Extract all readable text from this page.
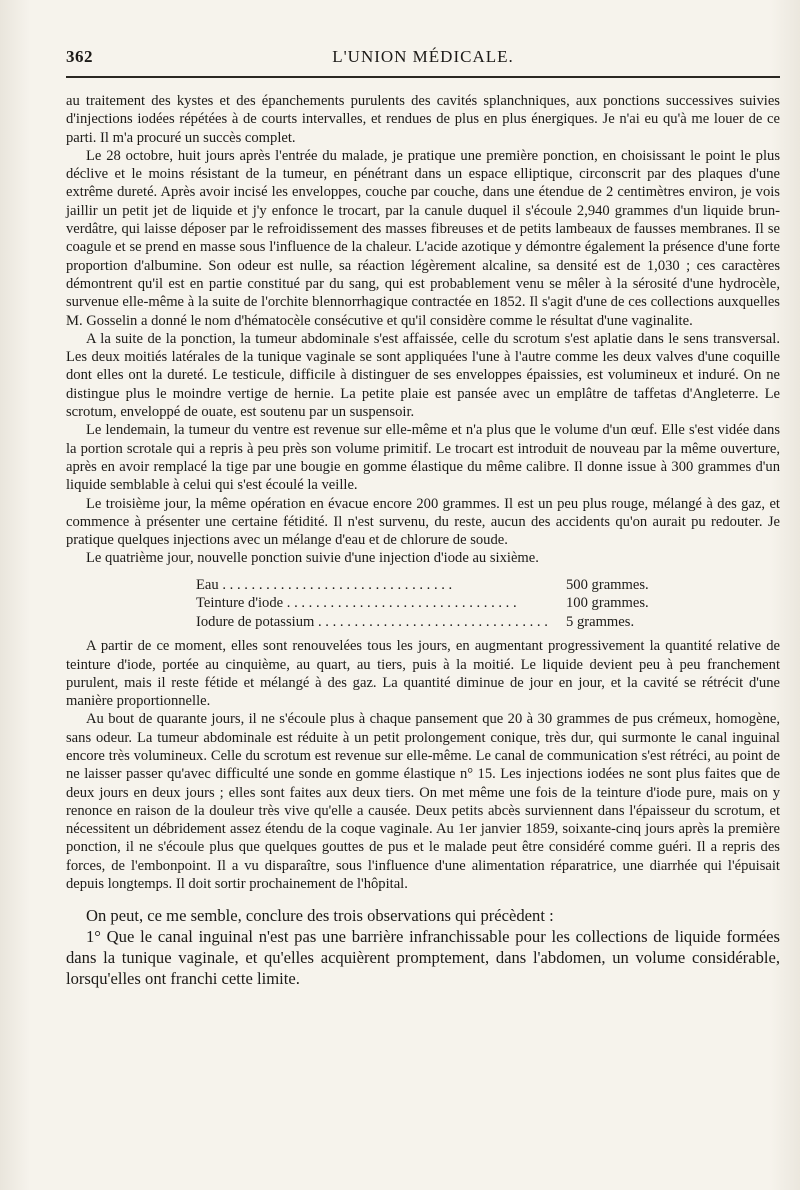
362	L'UNION MÉDICALE.

au traitement des kystes et des épanchements purulents des cavités splanchniques, aux ponctions successives suivies d'injections iodées répétées à de courts intervalles, et rendues de plus en plus énergiques. Je n'ai eu qu'à me louer de ce parti. Il m'a procuré un succès complet.

Le 28 octobre, huit jours après l'entrée du malade, je pratique une première ponction, en choisissant le point le plus déclive et le moins résistant de la tumeur, en pénétrant dans un espace elliptique, circonscrit par des plaques d'une extrême dureté. Après avoir incisé les enveloppes, couche par couche, dans une étendue de 2 centimètres environ, je vois jaillir un petit jet de liquide et j'y enfonce le trocart, par la canule duquel il s'écoule 2,940 grammes d'un liquide brun-verdâtre, qui laisse déposer par le refroidissement des masses fibreuses et de petits lambeaux de fausses membranes. Il se coagule et se prend en masse sous l'influence de la chaleur. L'acide azotique y démontre également la présence d'une forte proportion d'albumine. Son odeur est nulle, sa réaction légèrement alcaline, sa densité est de 1,030 ; ces caractères démontrent qu'il est en partie constitué par du sang, qui est probablement venu se mêler à la sérosité d'une hydrocèle, survenue elle-même à la suite de l'orchite blennorrhagique contractée en 1852. Il s'agit d'une de ces collections auxquelles M. Gosselin a donné le nom d'hématocèle consécutive et qu'il considère comme le résultat d'une vaginalite.

A la suite de la ponction, la tumeur abdominale s'est affaissée, celle du scrotum s'est aplatie dans le sens transversal. Les deux moitiés latérales de la tunique vaginale se sont appliquées l'une à l'autre comme les deux valves d'une coquille dont elles ont la dureté. Le testicule, difficile à distinguer de ses enveloppes épaissies, est volumineux et induré. On ne distingue plus le moindre vertige de hernie. La petite plaie est pansée avec un emplâtre de taffetas d'Angleterre. Le scrotum, enveloppé de ouate, est soutenu par un suspensoir.

Le lendemain, la tumeur du ventre est revenue sur elle-même et n'a plus que le volume d'un œuf. Elle s'est vidée dans la portion scrotale qui a repris à peu près son volume primitif. Le trocart est introduit de nouveau par la même ouverture, après en avoir remplacé la tige par une bougie en gomme élastique du même calibre. Il donne issue à 300 grammes d'un liquide semblable à celui qui s'est écoulé la veille.

Le troisième jour, la même opération en évacue encore 200 grammes. Il est un peu plus rouge, mélangé à des gaz, et commence à présenter une certaine fétidité. Il n'est survenu, du reste, aucun des accidents qu'on aurait pu redouter. Je pratique quelques injections avec un mélange d'eau et de chlorure de soude.

Le quatrième jour, nouvelle ponction suivie d'une injection d'iode au sixième.

Eau . . .	500 grammes.
Teinture d'iode . . .	100 grammes.
Iodure de potassium . . .	5 grammes.

A partir de ce moment, elles sont renouvelées tous les jours, en augmentant progressivement la quantité relative de teinture d'iode, portée au cinquième, au quart, au tiers, puis à la moitié. Le liquide devient peu à peu franchement purulent, mais il reste fétide et mélangé à des gaz. La quantité diminue de jour en jour, et la cavité se rétrécit d'une manière proportionnelle.

Au bout de quarante jours, il ne s'écoule plus à chaque pansement que 20 à 30 grammes de pus crémeux, homogène, sans odeur. La tumeur abdominale est réduite à un petit prolongement conique, très dur, qui surmonte le canal inguinal encore très volumineux. Celle du scrotum est revenue sur elle-même. Le canal de communication s'est rétréci, au point de ne laisser passer qu'avec difficulté une sonde en gomme élastique n° 15. Les injections iodées ne sont plus faites que de deux jours en deux jours ; elles sont faites aux deux tiers. On met même une fois de la teinture d'iode pure, mais on y renonce en raison de la douleur très vive qu'elle a causée. Deux petits abcès surviennent dans l'épaisseur du scrotum, et nécessitent un débridement assez étendu de la coque vaginale. Au 1er janvier 1859, soixante-cinq jours après la première ponction, il ne s'écoule plus que quelques gouttes de pus et le malade peut être considéré comme guéri. Il a repris des forces, de l'embonpoint. Il a vu disparaître, sous l'influence d'une alimentation réparatrice, une diarrhée qui l'épuisait depuis longtemps. Il doit sortir prochainement de l'hôpital.

On peut, ce me semble, conclure des trois observations qui précèdent :

1° Que le canal inguinal n'est pas une barrière infranchissable pour les collections de liquide formées dans la tunique vaginale, et qu'elles acquièrent promptement, dans l'abdomen, un volume considérable, lorsqu'elles ont franchi cette limite.
